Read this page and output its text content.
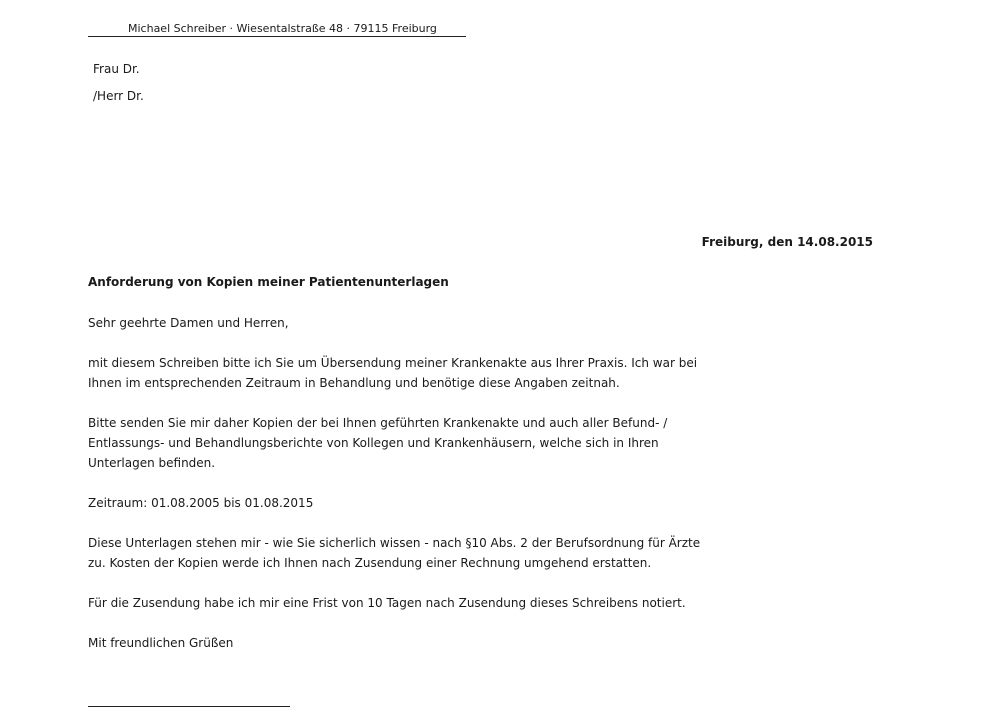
Michael Schreiber · Wiesentalstraße 48 · 79115 Freiburg
Frau Dr.
/Herr Dr.
Freiburg, den 14.08.2015
Anforderung von Kopien meiner Patientenunterlagen
Sehr geehrte Damen und Herren,
mit diesem Schreiben bitte ich Sie um Übersendung meiner Krankenakte aus Ihrer Praxis. Ich war bei
Ihnen im entsprechenden Zeitraum in Behandlung und benötige diese Angaben zeitnah.
Bitte senden Sie mir daher Kopien der bei Ihnen geführten Krankenakte und auch aller Befund- /
Entlassungs- und Behandlungsberichte von Kollegen und Krankenhäusern, welche sich in Ihren
Unterlagen befinden.
Zeitraum: 01.08.2005 bis 01.08.2015
Diese Unterlagen stehen mir - wie Sie sicherlich wissen - nach §10 Abs. 2 der Berufsordnung für Ärzte
zu. Kosten der Kopien werde ich Ihnen nach Zusendung einer Rechnung umgehend erstatten.
Für die Zusendung habe ich mir eine Frist von 10 Tagen nach Zusendung dieses Schreibens notiert.
Mit freundlichen Grüßen
